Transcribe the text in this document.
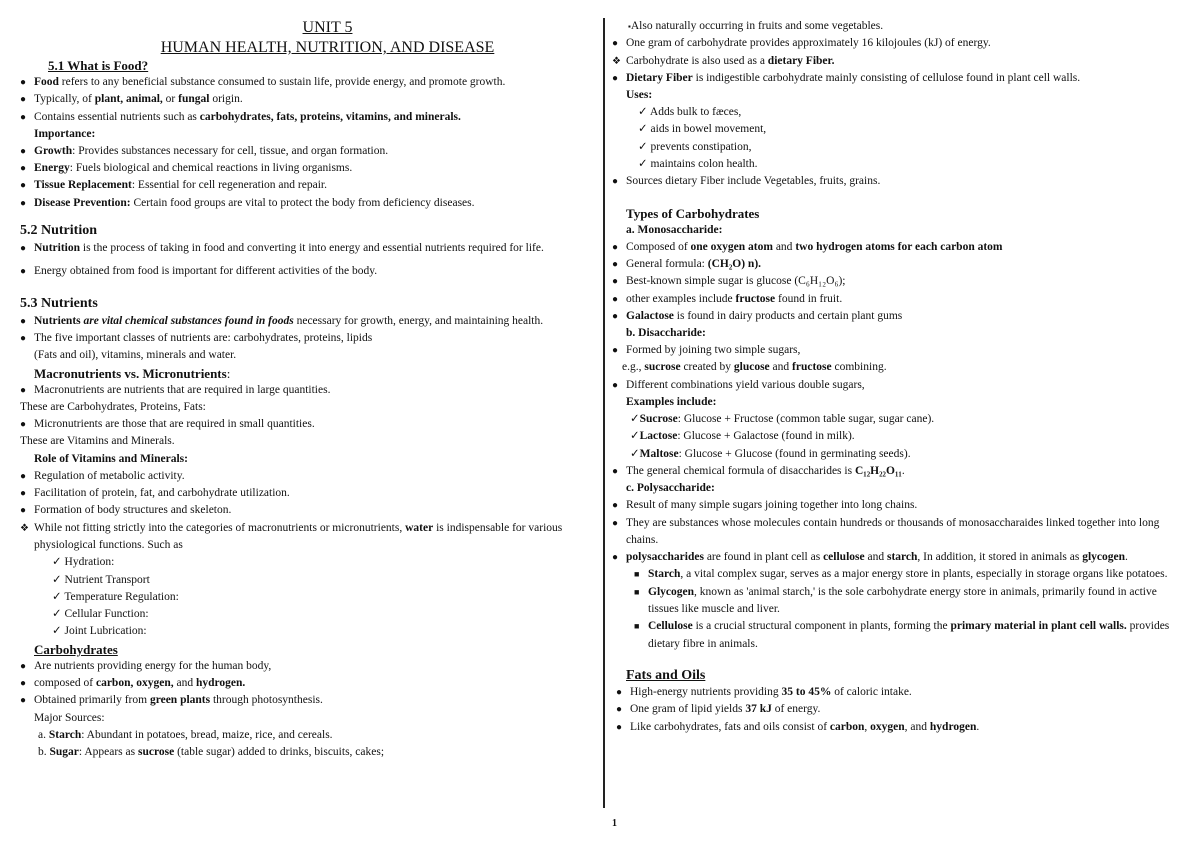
UNIT 5
HUMAN HEALTH, NUTRITION, AND DISEASE
5.1 What is Food?
● Food refers to any beneficial substance consumed to sustain life, provide energy, and promote growth.
● Typically, of plant, animal, or fungal origin.
● Contains essential nutrients such as carbohydrates, fats, proteins, vitamins, and minerals.
Importance:
● Growth: Provides substances necessary for cell, tissue, and organ formation.
● Energy: Fuels biological and chemical reactions in living organisms.
● Tissue Replacement: Essential for cell regeneration and repair.
● Disease Prevention: Certain food groups are vital to protect the body from deficiency diseases.
5.2 Nutrition
● Nutrition is the process of taking in food and converting it into energy and essential nutrients required for life.
● Energy obtained from food is important for different activities of the body.
5.3 Nutrients
● Nutrients are vital chemical substances found in foods necessary for growth, energy, and maintaining health.
● The five important classes of nutrients are: carbohydrates, proteins, lipids
(Fats and oil), vitamins, minerals and water.
Macronutrients vs. Micronutrients:
● Macronutrients are nutrients that are required in large quantities.
These are Carbohydrates, Proteins, Fats:
● Micronutrients are those that are required in small quantities.
These are Vitamins and Minerals.
Role of Vitamins and Minerals:
● Regulation of metabolic activity.
● Facilitation of protein, fat, and carbohydrate utilization.
● Formation of body structures and skeleton.
❖ While not fitting strictly into the categories of macronutrients or micronutrients, water is indispensable for various physiological functions. Such as
✓ Hydration:
✓ Nutrient Transport
✓ Temperature Regulation:
✓ Cellular Function:
✓ Joint Lubrication:
Carbohydrates
● Are nutrients providing energy for the human body,
● composed of carbon, oxygen, and hydrogen.
● Obtained primarily from green plants through photosynthesis.
Major Sources:
a. Starch: Abundant in potatoes, bread, maize, rice, and cereals.
b. Sugar: Appears as sucrose (table sugar) added to drinks, biscuits, cakes;
▪Also naturally occurring in fruits and some vegetables.
● One gram of carbohydrate provides approximately 16 kilojoules (kJ) of energy.
❖ Carbohydrate is also used as a dietary Fiber.
● Dietary Fiber is indigestible carbohydrate mainly consisting of cellulose found in plant cell walls.
Uses:
✓ Adds bulk to fæces,
✓ aids in bowel movement,
✓ prevents constipation,
✓ maintains colon health.
● Sources dietary Fiber include Vegetables, fruits, grains.
Types of Carbohydrates
a. Monosaccharide:
● Composed of one oxygen atom and two hydrogen atoms for each carbon atom
● General formula: (CH₂O) n).
● Best-known simple sugar is glucose (C₆H₁₂O₆);
● other examples include fructose found in fruit.
● Galactose is found in dairy products and certain plant gums
b. Disaccharide:
● Formed by joining two simple sugars,
e.g., sucrose created by glucose and fructose combining.
● Different combinations yield various double sugars,
Examples include:
✓Sucrose: Glucose + Fructose (common table sugar, sugar cane).
✓Lactose: Glucose + Galactose (found in milk).
✓Maltose: Glucose + Glucose (found in germinating seeds).
● The general chemical formula of disaccharides is C₁₂H₂₂O₁₁.
c. Polysaccharide:
● Result of many simple sugars joining together into long chains.
● They are substances whose molecules contain hundreds or thousands of monosaccharaides linked together into long chains.
● polysaccharides are found in plant cell as cellulose and starch, In addition, it stored in animals as glycogen.
■ Starch, a vital complex sugar, serves as a major energy store in plants, especially in storage organs like potatoes.
■ Glycogen, known as 'animal starch,' is the sole carbohydrate energy store in animals, primarily found in active tissues like muscle and liver.
■ Cellulose is a crucial structural component in plants, forming the primary material in plant cell walls. provides dietary fibre in animals.
Fats and Oils
● High-energy nutrients providing 35 to 45% of caloric intake.
● One gram of lipid yields 37 kJ of energy.
● Like carbohydrates, fats and oils consist of carbon, oxygen, and hydrogen.
1
